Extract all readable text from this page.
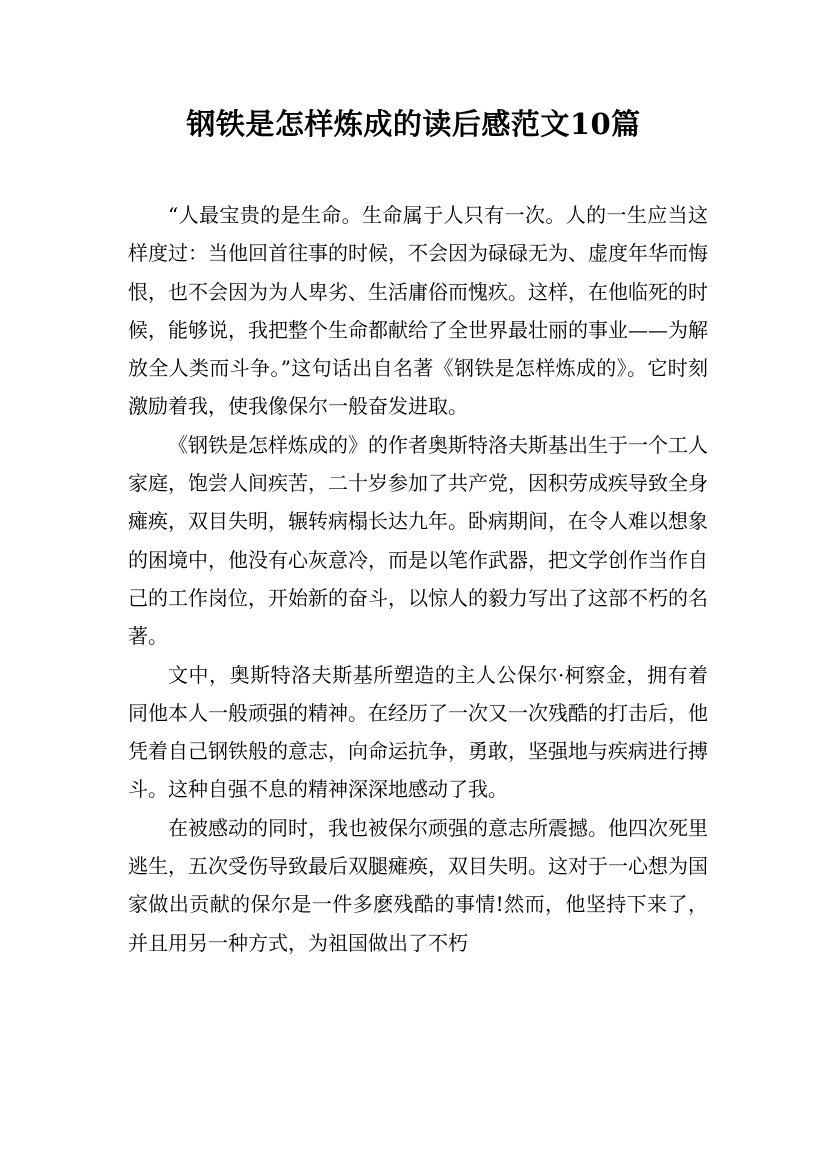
钢铁是怎样炼成的读后感范文10篇

“人最宝贵的是生命。生命属于人只有一次。人的一生应当这样度过：当他回首往事的时候，不会因为碌碌无为、虚度年华而悔恨，也不会因为为人卑劣、生活庸俗而愧疚。这样，在他临死的时候，能够说，我把整个生命都献给了全世界最壮丽的事业——为解放全人类而斗争。”这句话出自名著《钢铁是怎样炼成的》。它时刻激励着我，使我像保尔一般奋发进取。

《钢铁是怎样炼成的》的作者奥斯特洛夫斯基出生于一个工人家庭，饱尝人间疾苦，二十岁参加了共产党，因积劳成疾导致全身瘫痪，双目失明，辗转病榻长达九年。卧病期间，在令人难以想象的困境中，他没有心灰意冷，而是以笔作武器，把文学创作当作自己的工作岗位，开始新的奋斗，以惊人的毅力写出了这部不朽的名著。

文中，奥斯特洛夫斯基所塑造的主人公保尔·柯察金，拥有着同他本人一般顽强的精神。在经历了一次又一次残酷的打击后，他凭着自己钢铁般的意志，向命运抗争，勇敢，坚强地与疾病进行搏斗。这种自强不息的精神深深地感动了我。

在被感动的同时，我也被保尔顽强的意志所震撼。他四次死里逃生，五次受伤导致最后双腿瘫痪，双目失明。这对于一心想为国家做出贡献的保尔是一件多麽残酷的事情!然而，他坚持下来了，并且用另一种方式，为祖国做出了不朽
